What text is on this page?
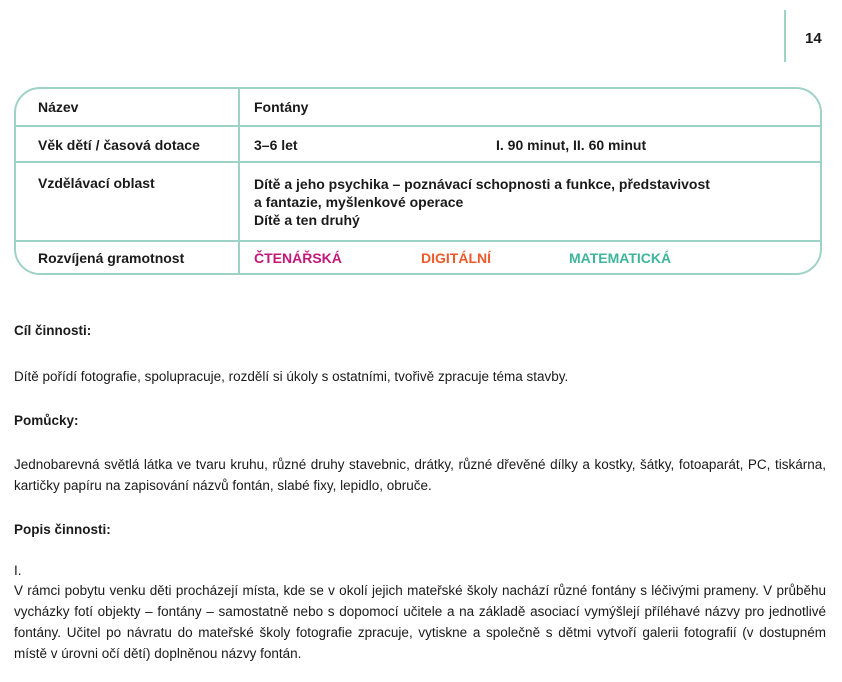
14
Název	Fontány
Věk dětí / časová dotace	3–6 let	I. 90 minut, II. 60 minut
Vzdělávací oblast	Dítě a jeho psychika – poznávací schopnosti a funkce, představivost
a fantazie, myšlenkové operace
Dítě a ten druhý
Rozvíjená gramotnost	ČTENÁŘSKÁ	DIGITÁLNÍ	MATEMATICKÁ
Cíl činnosti:
Dítě pořídí fotografie, spolupracuje, rozdělí si úkoly s ostatními, tvořivě zpracuje téma stavby.
Pomůcky:
Jednobarevná světlá látka ve tvaru kruhu, různé druhy stavebnic, drátky, různé dřevěné dílky a kostky, šátky, fotoaparát, PC, tiskárna, kartičky papíru na zapisování názvů fontán, slabé fixy, lepidlo, obruče.
Popis činnosti:
I.
V rámci pobytu venku děti procházejí místa, kde se v okolí jejich mateřské školy nachází různé fontány s léčivými prameny. V průběhu vycházky fotí objekty – fontány – samostatně nebo s dopomocí učitele a na základě asociací vymýšlejí příléhavé názvy pro jednotlivé fontány. Učitel po návratu do mateřské školy fotografie zpracuje, vytiskne a společně s dětmi vytvoří galerii fotografií (v dostupném místě v úrovni očí dětí) doplněnou názvy fontán.
